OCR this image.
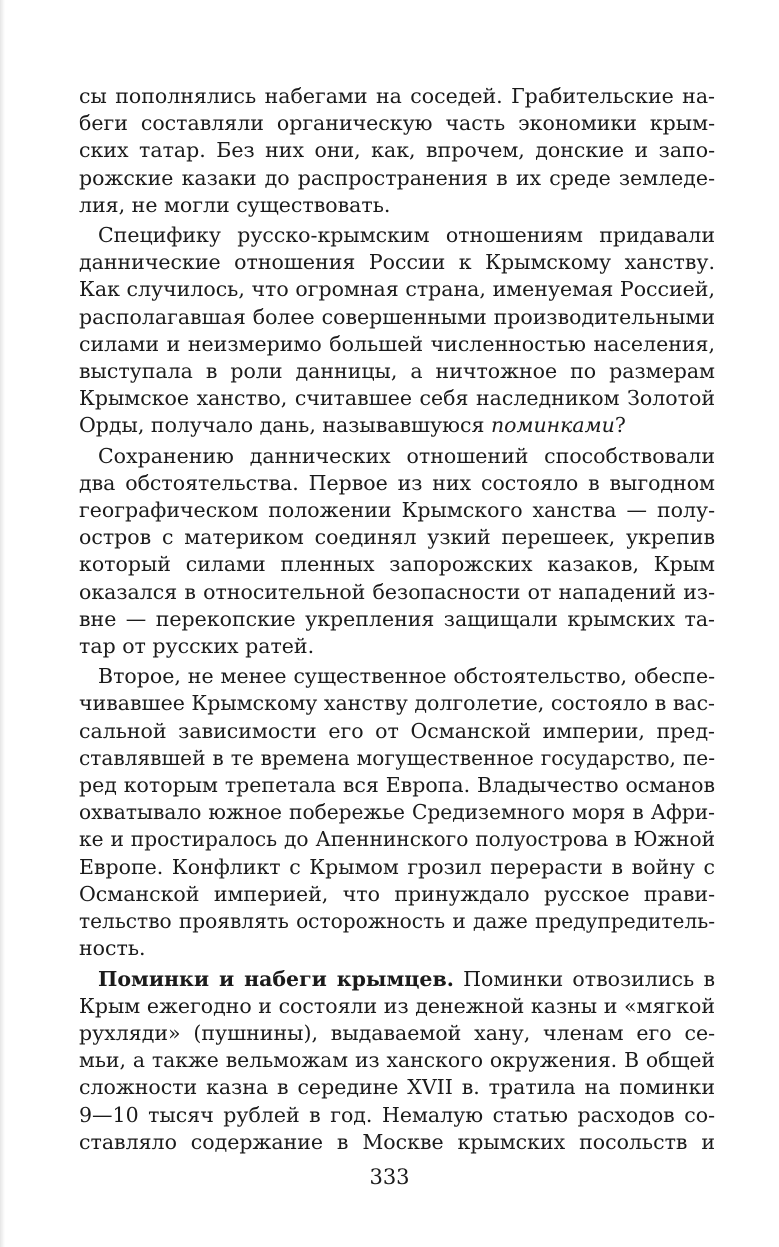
сы пополнялись набегами на соседей. Грабительские на-
беги составляли органическую часть экономики крым-
ских татар. Без них они, как, впрочем, донские и запо-
рожские казаки до распространения в их среде земледе-
лия, не могли существовать.
Специфику русско-крымским отношениям придавали
даннические отношения России к Крымскому ханству.
Как случилось, что огромная страна, именуемая Россией,
располагавшая более совершенными производительными
силами и неизмеримо большей численностью населения,
выступала в роли данницы, а ничтожное по размерам
Крымское ханство, считавшее себя наследником Золотой
Орды, получало дань, называвшуюся поминками?
Сохранению даннических отношений способствовали
два обстоятельства. Первое из них состояло в выгодном
географическом положении Крымского ханства — полу-
остров с материком соединял узкий перешеек, укрепив
который силами пленных запорожских казаков, Крым
оказался в относительной безопасности от нападений из-
вне — перекопские укрепления защищали крымских та-
тар от русских ратей.
Второе, не менее существенное обстоятельство, обеспе-
чивавшее Крымскому ханству долголетие, состояло в вас-
сальной зависимости его от Османской империи, пред-
ставлявшей в те времена могущественное государство, пе-
ред которым трепетала вся Европа. Владычество османов
охватывало южное побережье Средиземного моря в Афри-
ке и простиралось до Апеннинского полуострова в Южной
Европе. Конфликт с Крымом грозил перерасти в войну с
Османской империей, что принуждало русское прави-
тельство проявлять осторожность и даже предупредитель-
ность.
Поминки и набеги крымцев. Поминки отвозились в
Крым ежегодно и состояли из денежной казны и «мягкой
рухляди» (пушнины), выдаваемой хану, членам его се-
мьи, а также вельможам из ханского окружения. В общей
сложности казна в середине XVII в. тратила на поминки
9—10 тысяч рублей в год. Немалую статью расходов со-
ставляло содержание в Москве крымских посольств и
333
